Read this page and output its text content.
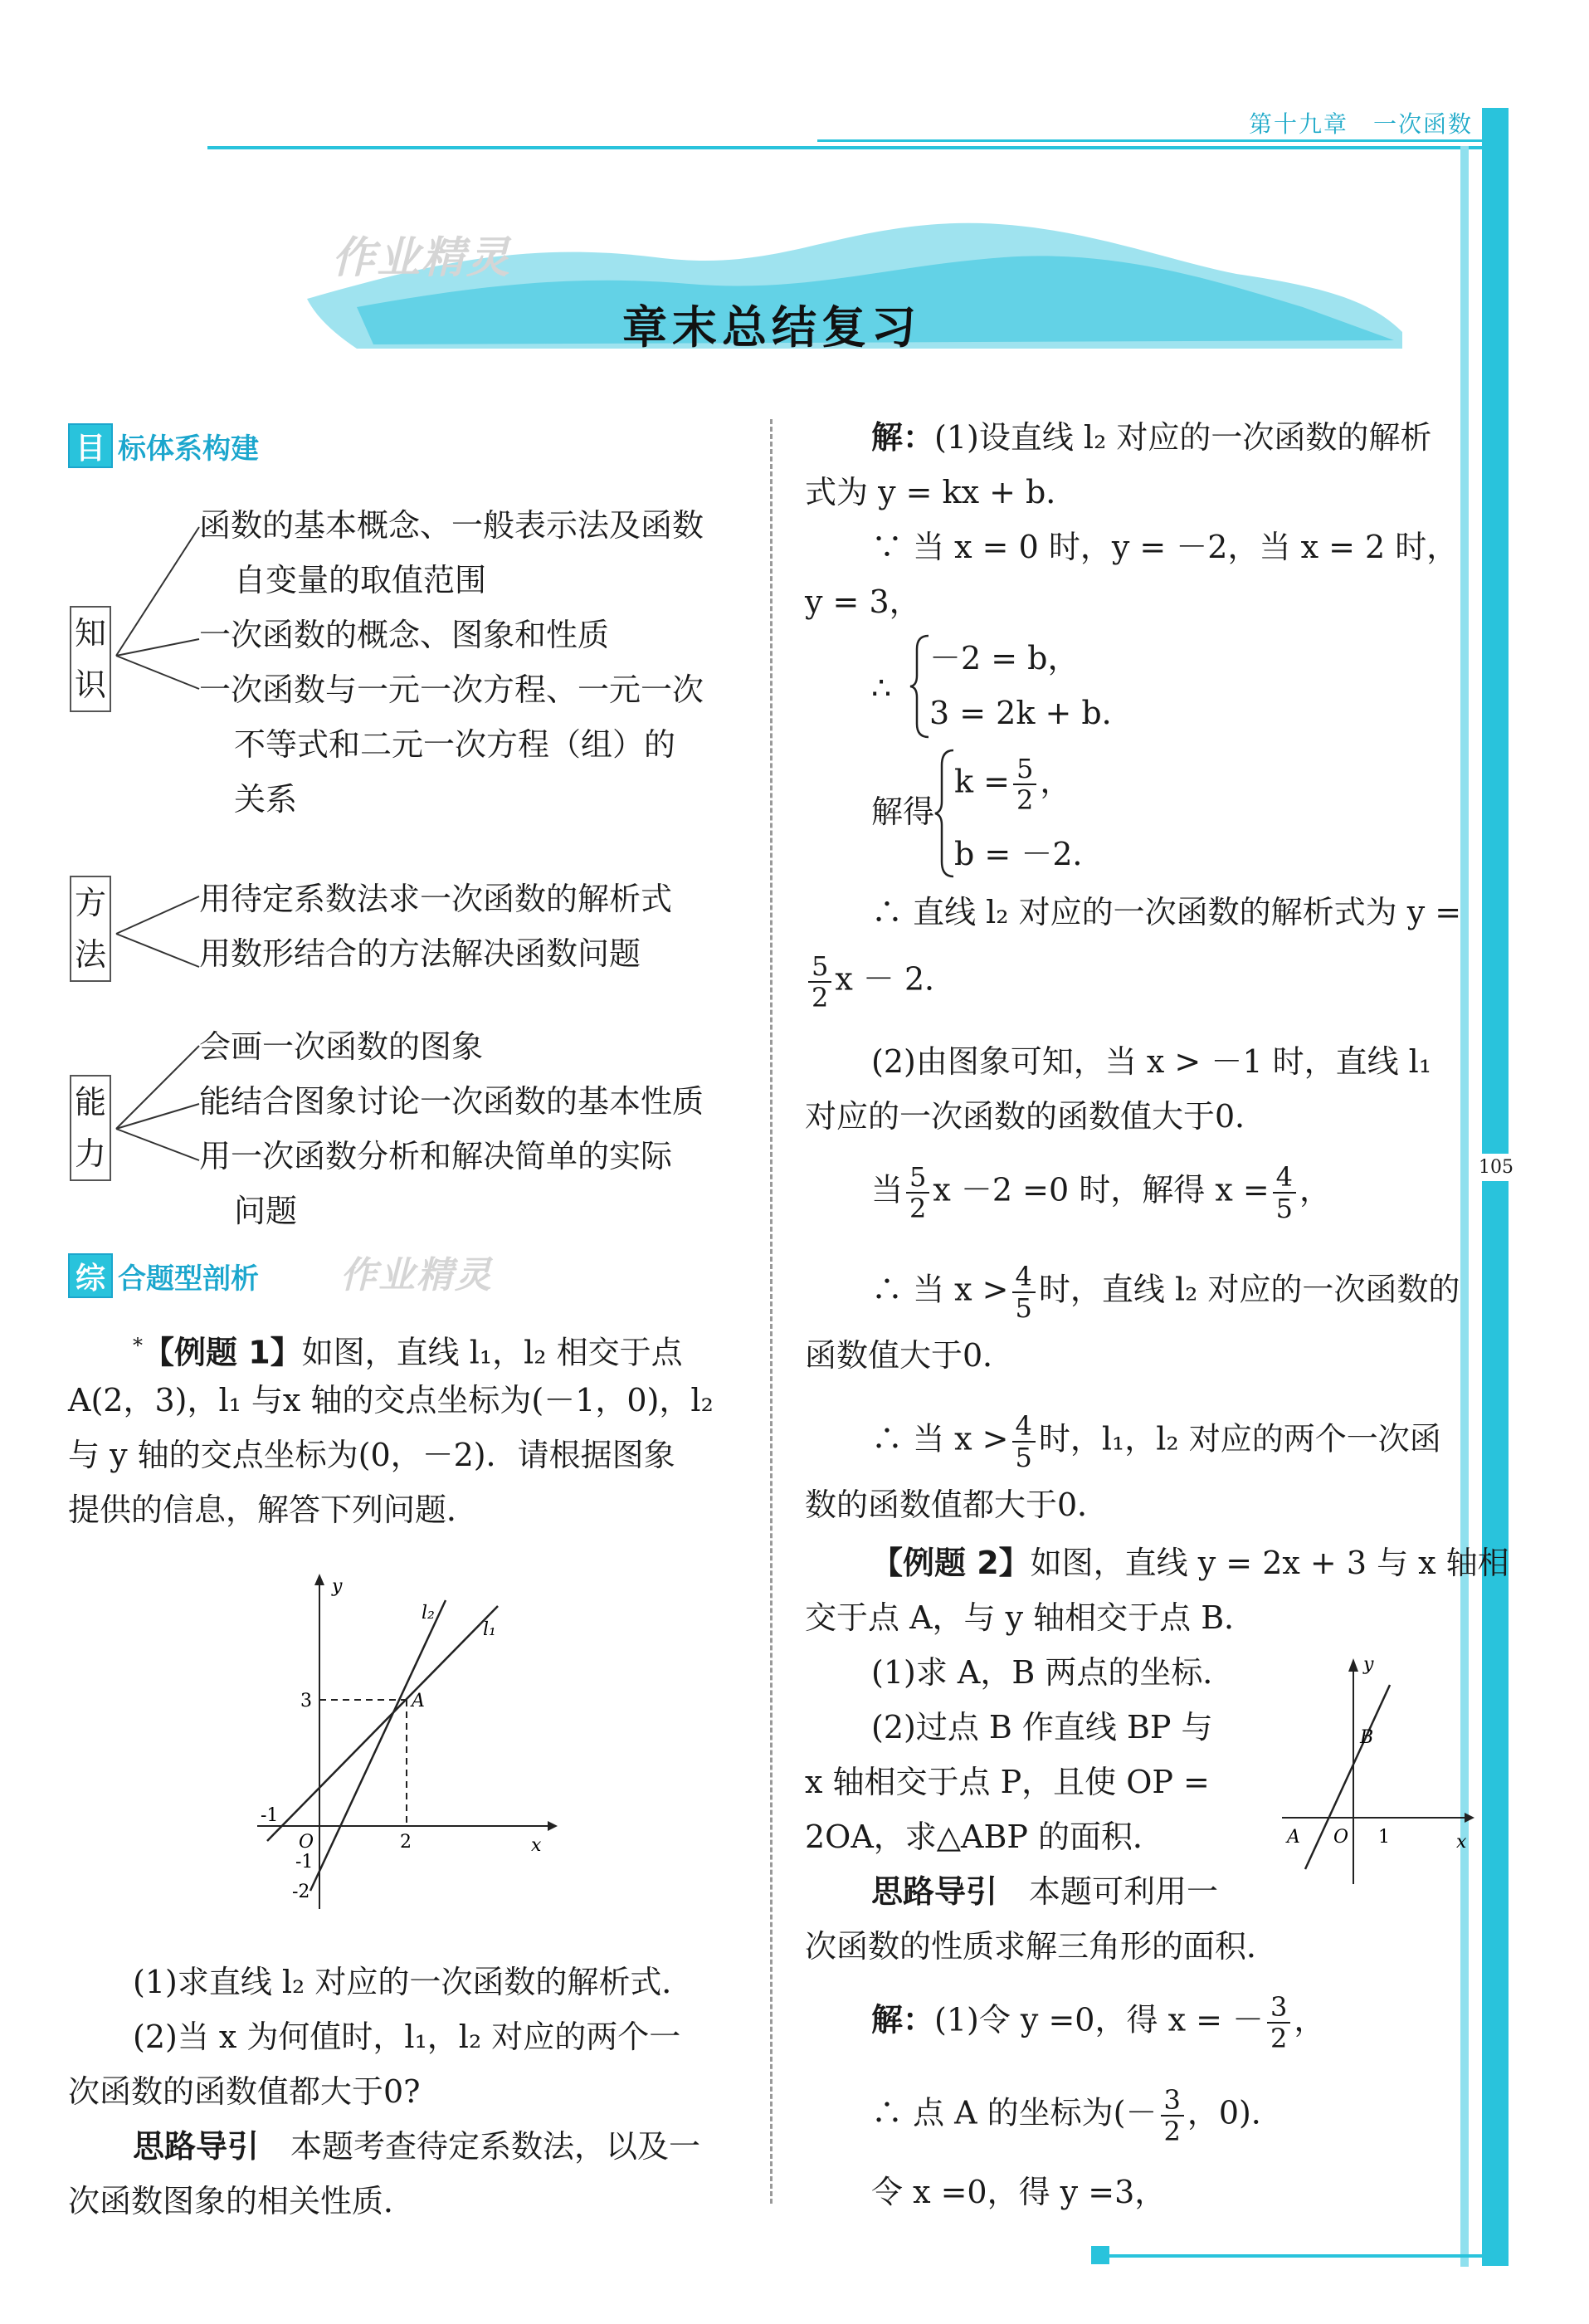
第十九章　一次函数
105
作业精灵
章末总结复习
目 标体系构建
知
识
函数的基本概念、一般表示法及函数
自变量的取值范围
一次函数的概念、图象和性质
一次函数与一元一次方程、一元一次
不等式和二元一次方程（组）的
关系
方
法
用待定系数法求一次函数的解析式
用数形结合的方法解决函数问题
能
力
会画一次函数的图象
能结合图象讨论一次函数的基本性质
用一次函数分析和解决简单的实际
问题
综 合题型剖析 作业精灵
*【例题 1】如图，直线 l₁，l₂ 相交于点
A(2，3)，l₁ 与x 轴的交点坐标为(－1，0)，l₂
与 y 轴的交点坐标为(0，－2)．请根据图象
提供的信息，解答下列问题．
y
x
l₂
l₁
A
3
2
-1
O
-1
-2
(1)求直线 l₂ 对应的一次函数的解析式．
(2)当 x 为何值时，l₁，l₂ 对应的两个一
次函数的函数值都大于0?
思路导引　 本题考查待定系数法，以及一
次函数图象的相关性质．
解：(1)设直线 l₂ 对应的一次函数的解析
式为 y = kx + b．
∵ 当 x = 0 时，y = －2，当 x = 2 时，
y = 3，
∴
－2 = b，
3 = 2k + b．
解得
$k = \frac{5}{2}$ ，
b = －2．
∴ 直线 l₂ 对应的一次函数的解析式为 y =
$\frac{5}{2}$ x － 2．
(2)由图象可知，当 x > －1 时，直线 l₁
对应的一次函数的函数值大于0．
当 $\frac{5}{2}$ x －2 =0 时，解得 $x = \frac{4}{5}$ ，
∴ 当 $x > \frac{4}{5}$ 时，直线 l₂ 对应的一次函数的
函数值大于0．
∴ 当 $x > \frac{4}{5}$ 时，l₁，l₂ 对应的两个一次函
数的函数值都大于0．
【例题 2】如图，直线 y = 2x + 3 与 x 轴相
交于点 A，与 y 轴相交于点 B．
(1)求 A，B 两点的坐标．
(2)过点 B 作直线 BP 与
x 轴相交于点 P，且使 OP =
2OA，求△ABP 的面积．
y
x
B
A O 1
思路导引　 本题可利用一
次函数的性质求解三角形的面积．
解：(1)令 y =0，得 x = － $\frac{3}{2}$ ，
∴ 点 A 的坐标为(－ $\frac{3}{2}$ ，0)．
令 x =0，得 y =3，
